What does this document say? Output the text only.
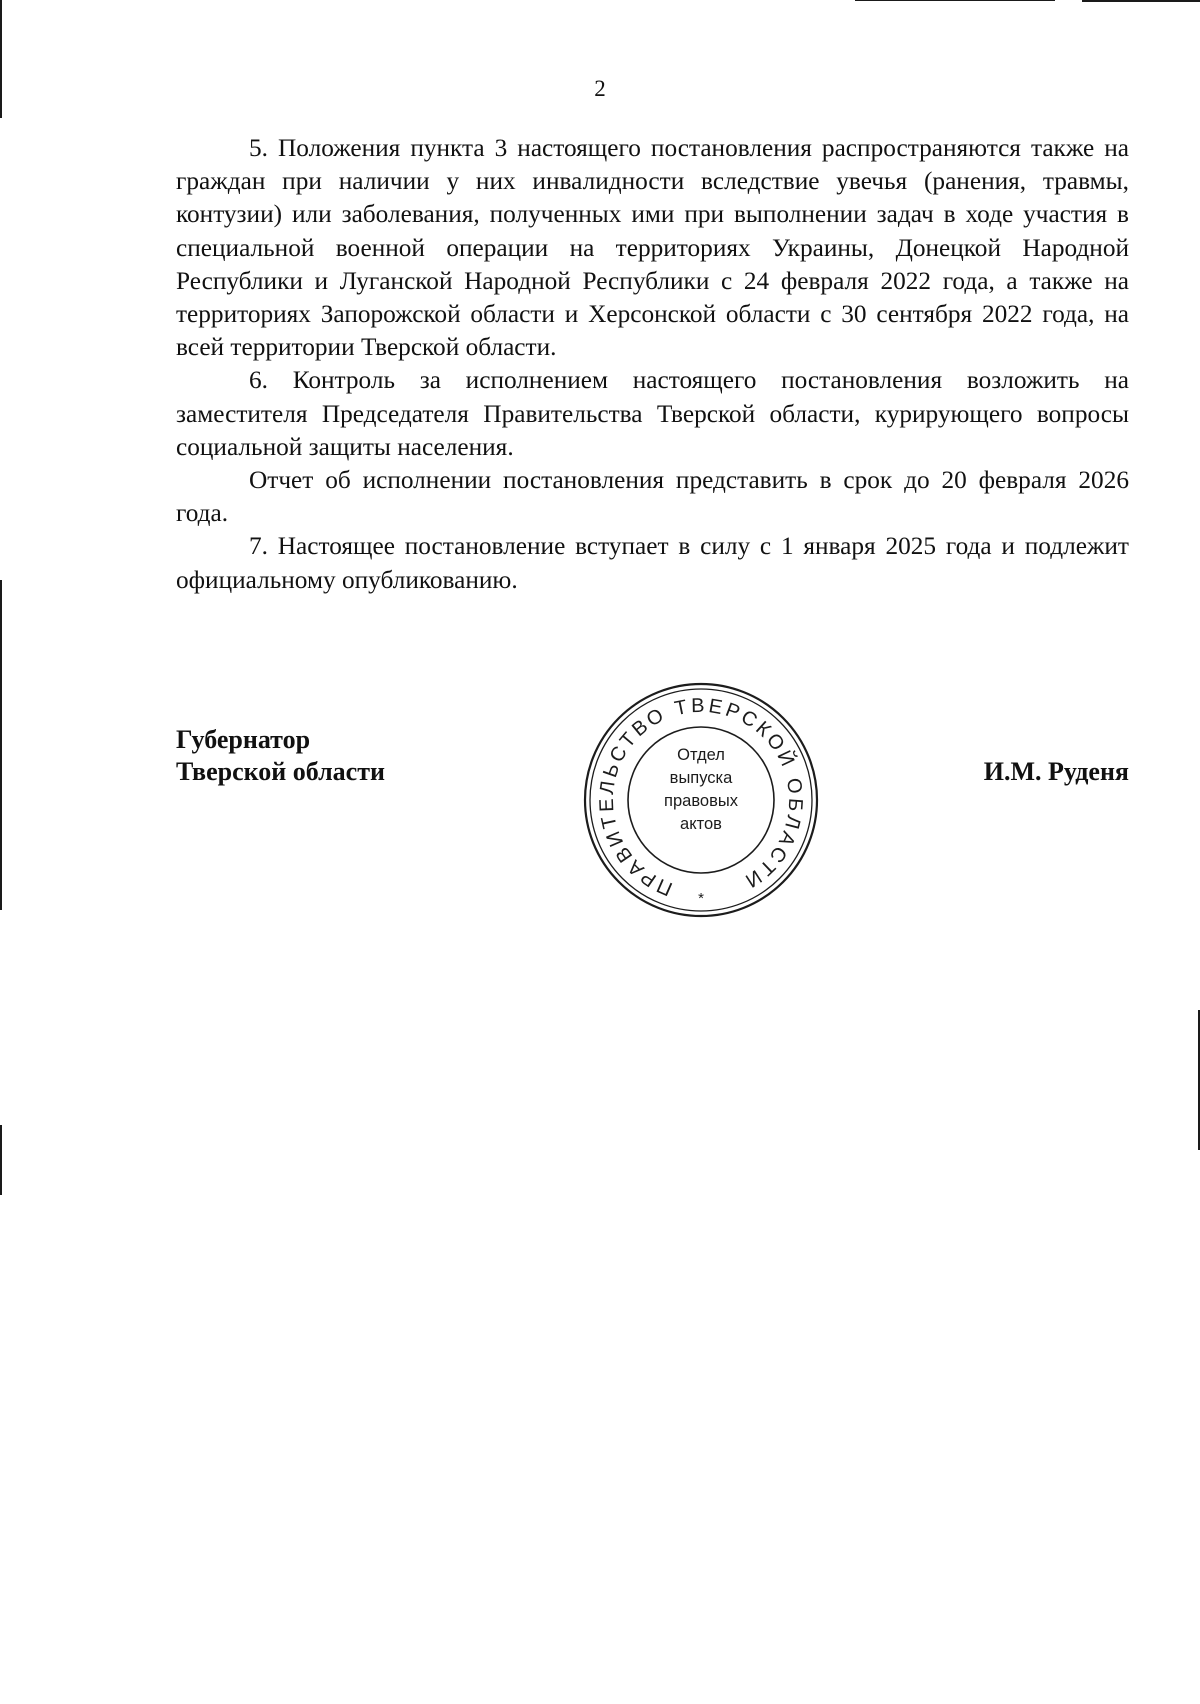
2

5. Положения пункта 3 настоящего постановления распространяются также на граждан при наличии у них инвалидности вследствие увечья (ранения, травмы, контузии) или заболевания, полученных ими при выполнении задач в ходе участия в специальной военной операции на территориях Украины, Донецкой Народной Республики и Луганской Народной Республики с 24 февраля 2022 года, а также на территориях Запорожской области и Херсонской области с 30 сентября 2022 года, на всей территории Тверской области.

6. Контроль за исполнением настоящего постановления возложить на заместителя Председателя Правительства Тверской области, курирующего вопросы социальной защиты населения.

Отчет об исполнении постановления представить в срок до 20 февраля 2026 года.

7. Настоящее постановление вступает в силу с 1 января 2025 года и подлежит официальному опубликованию.

Губернатор
Тверской области	И.М. Руденя
ПРАВИТЕЛЬСТВО ТВЕРСКОЙ ОБЛАСТИ
*
Отдел
выпуска
правовых
актов
